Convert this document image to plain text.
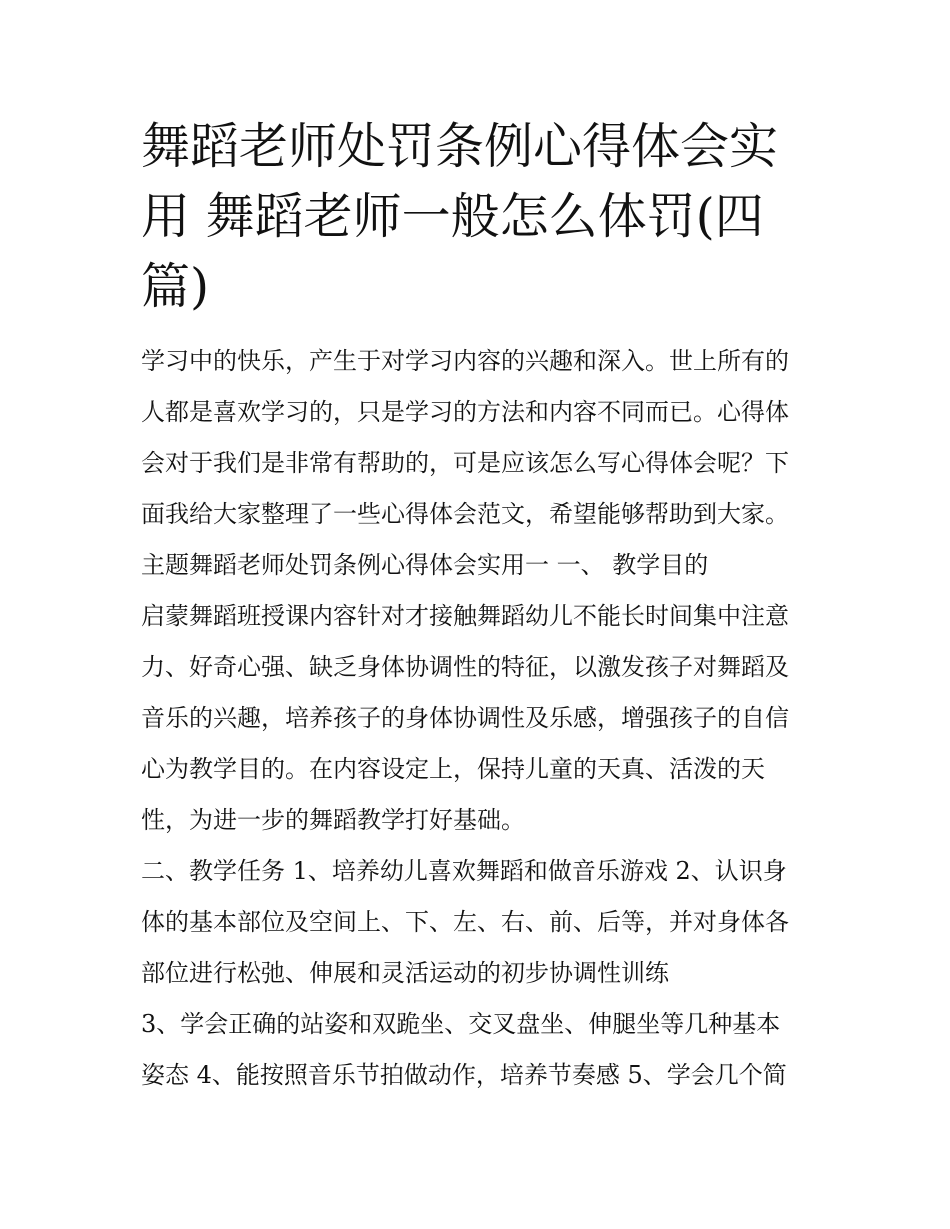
舞蹈老师处罚条例心得体会实
用 舞蹈老师一般怎么体罚(四
篇)
学习中的快乐，产生于对学习内容的兴趣和深入。世上所有的
人都是喜欢学习的，只是学习的方法和内容不同而已。心得体
会对于我们是非常有帮助的，可是应该怎么写心得体会呢？下
面我给大家整理了一些心得体会范文，希望能够帮助到大家。
主题舞蹈老师处罚条例心得体会实用一 一、 教学目的
启蒙舞蹈班授课内容针对才接触舞蹈幼儿不能长时间集中注意
力、好奇心强、缺乏身体协调性的特征，以激发孩子对舞蹈及
音乐的兴趣，培养孩子的身体协调性及乐感，增强孩子的自信
心为教学目的。在内容设定上，保持儿童的天真、活泼的天
性，为进一步的舞蹈教学打好基础。
二、教学任务 1、培养幼儿喜欢舞蹈和做音乐游戏 2、认识身
体的基本部位及空间上、下、左、右、前、后等，并对身体各
部位进行松弛、伸展和灵活运动的初步协调性训练
3、学会正确的站姿和双跪坐、交叉盘坐、伸腿坐等几种基本
姿态 4、能按照音乐节拍做动作，培养节奏感 5、学会几个简
